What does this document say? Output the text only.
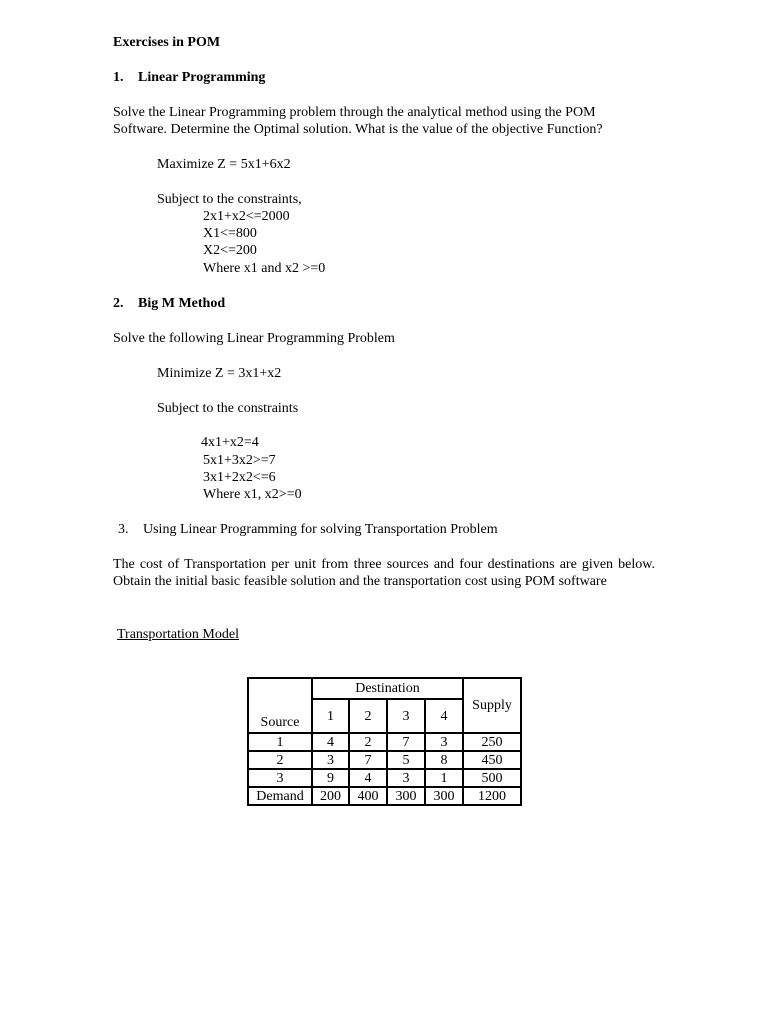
Exercises in POM
1. Linear Programming
Solve the Linear Programming problem through the analytical method using the POM
Software. Determine the Optimal solution. What is the value of the objective Function?
Maximize Z = 5x1+6x2
Subject to the constraints,
2x1+x2<=2000
X1<=800
X2<=200
Where x1 and x2 >=0
2. Big M Method
Solve the following Linear Programming Problem
Minimize Z = 3x1+x2
Subject to the constraints
4x1+x2=4
5x1+3x2>=7
3x1+2x2<=6
Where x1, x2>=0
3. Using Linear Programming for solving Transportation Problem
The cost of Transportation per unit from three sources and four destinations are given below. Obtain the initial basic feasible solution and the transportation cost using POM software
Transportation Model
Source	Destination				Supply
	1	2	3	4	
1	4	2	7	3	250
2	3	7	5	8	450
3	9	4	3	1	500
Demand	200	400	300	300	1200
